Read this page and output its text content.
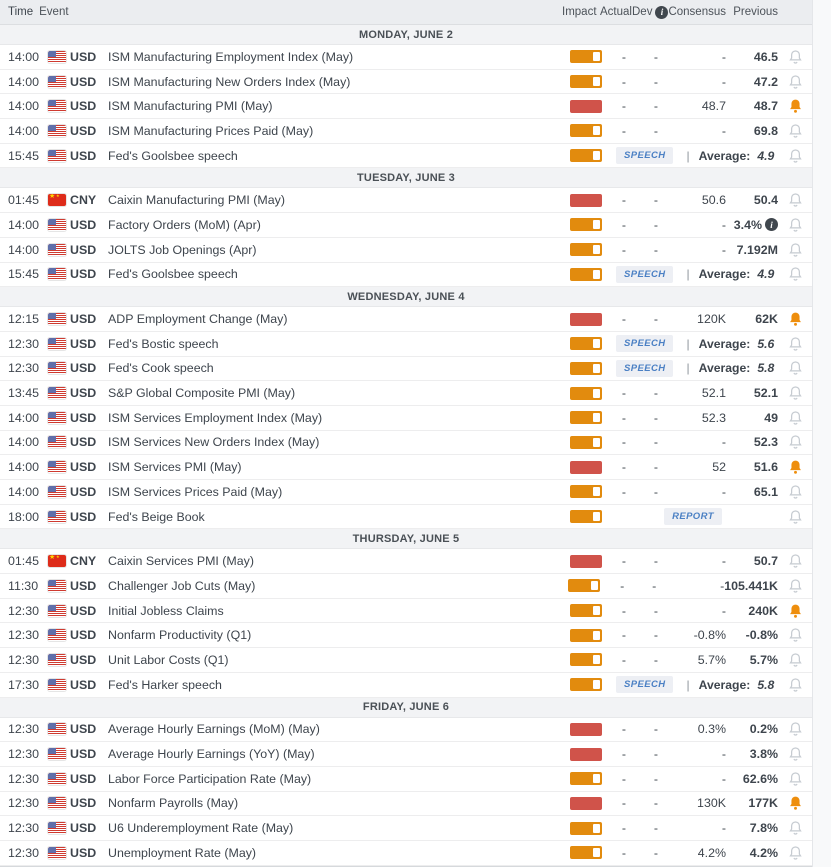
Time Event	Impact Actual Dev i Consensus Previous
MONDAY, JUNE 2
14:00 USD ISM Manufacturing Employment Index (May)	-	-	- 46.5
14:00 USD ISM Manufacturing New Orders Index (May)	-	-	- 47.2
14:00 USD ISM Manufacturing PMI (May)	-	-	48.7 48.7
14:00 USD ISM Manufacturing Prices Paid (May)	-	-	- 69.8
15:45 USD Fed's Goolsbee speech	SPEECH	| Average: 4.9
TUESDAY, JUNE 3
01:45 ★ ★ CNY Caixin Manufacturing PMI (May)	-	-	50.6 50.4
14:00 USD Factory Orders (MoM) (Apr)	-	-	- 3.4% i
14:00 USD JOLTS Job Openings (Apr)	-	-	- 7.192M
15:45 USD Fed's Goolsbee speech	SPEECH	| Average: 4.9
WEDNESDAY, JUNE 4
12:15 USD ADP Employment Change (May)	-	-	120K 62K
12:30 USD Fed's Bostic speech	SPEECH	| Average: 5.6
12:30 USD Fed's Cook speech	SPEECH	| Average: 5.8
13:45 USD S&P Global Composite PMI (May)	-	-	52.1 52.1
14:00 USD ISM Services Employment Index (May)	-	-	52.3	49
14:00 USD ISM Services New Orders Index (May)	-	-	- 52.3
14:00 USD ISM Services PMI (May)	-	-	52 51.6
14:00 USD ISM Services Prices Paid (May)	-	-	- 65.1
18:00 USD Fed's Beige Book	REPORT
THURSDAY, JUNE 5
01:45 ★ ★ CNY Caixin Services PMI (May)	-	-	- 50.7
11:30	USD Challenger Job Cuts (May)	-	-	- 105.441K
12:30 USD Initial Jobless Claims	-	-	- 240K
12:30 USD Nonfarm Productivity (Q1)	-	-	-0.8% -0.8%
12:30 USD Unit Labor Costs (Q1)	-	-	5.7% 5.7%
17:30 USD Fed's Harker speech	SPEECH	| Average: 5.8
FRIDAY, JUNE 6
12:30 USD Average Hourly Earnings (MoM) (May)	-	-	0.3% 0.2%
12:30 USD Average Hourly Earnings (YoY) (May)	-	-	- 3.8%
12:30 USD Labor Force Participation Rate (May)	-	-	- 62.6%
12:30 USD Nonfarm Payrolls (May)	-	-	130K 177K
12:30 USD U6 Underemployment Rate (May)	-	-	- 7.8%
12:30 USD Unemployment Rate (May)	-	-	4.2% 4.2%
